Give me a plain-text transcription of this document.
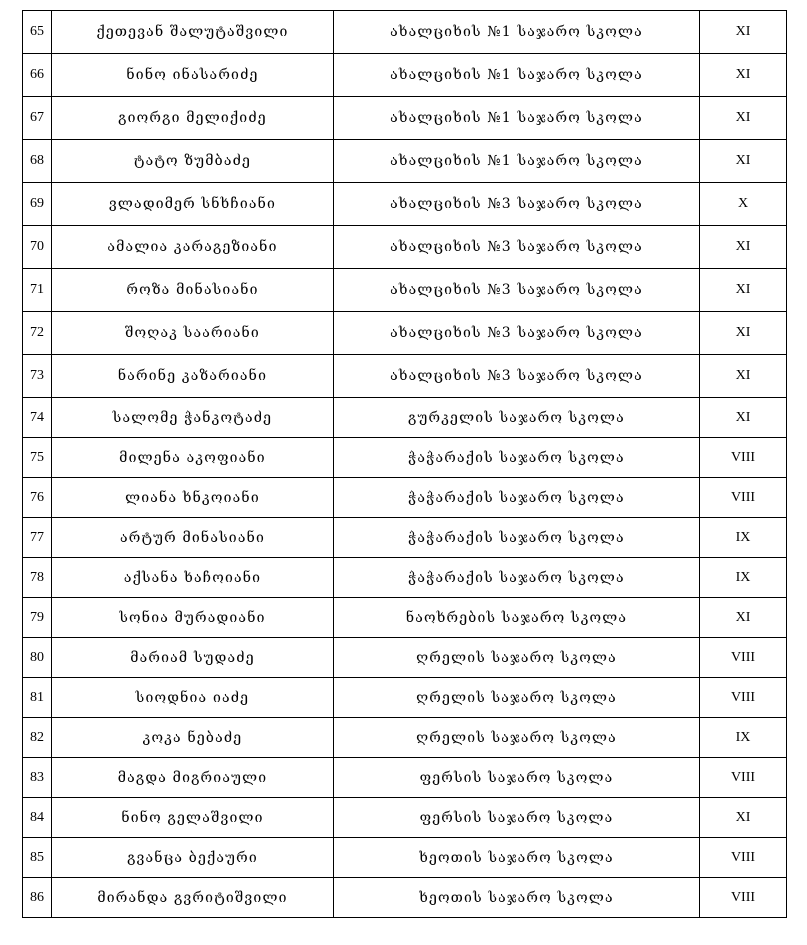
65	ქეთევან შალუტაშვილი	ახალციხის №1 საჯარო სკოლა	XI
66	ნინო ინასარიძე	ახალციხის №1 საჯარო სკოლა	XI
67	გიორგი მელიქიძე	ახალციხის №1 საჯარო სკოლა	XI
68	ტატო ზუმბაძე	ახალციხის №1 საჯარო სკოლა	XI
69	ვლადიმერ სნხჩიანი	ახალციხის №3 საჯარო სკოლა	X
70	ამალია კარაგეზიანი	ახალციხის №3 საჯარო სკოლა	XI
71	როზა მინასიანი	ახალციხის №3 საჯარო სკოლა	XI
72	შოღაკ საარიანი	ახალციხის №3 საჯარო სკოლა	XI
73	ნარინე კაზარიანი	ახალციხის №3 საჯარო სკოლა	XI
74	სალომე ჭანკოტაძე	გურკელის საჯარო სკოლა	XI
75	მილენა აკოფიანი	ჭაჭარაქის საჯარო სკოლა	VIII
76	ლიანა ხნკოიანი	ჭაჭარაქის საჯარო სკოლა	VIII
77	არტურ მინასიანი	ჭაჭარაქის საჯარო სკოლა	IX
78	აქსანა ხაჩოიანი	ჭაჭარაქის საჯარო სკოლა	IX
79	სონია მურადიანი	ნაოხრების საჯარო სკოლა	XI
80	მარიამ სუდაძე	ღრელის საჯარო სკოლა	VIII
81	სიოდნია იაძე	ღრელის საჯარო სკოლა	VIII
82	კოკა ნებაძე	ღრელის საჯარო სკოლა	IX
83	მაგდა მიგრიაული	ფერსის საჯარო სკოლა	VIII
84	ნინო გელაშვილი	ფერსის საჯარო სკოლა	XI
85	გვანცა ბექაური	ხეოთის საჯარო სკოლა	VIII
86	მირანდა გვრიტიშვილი	ხეოთის საჯარო სკოლა	VIII
